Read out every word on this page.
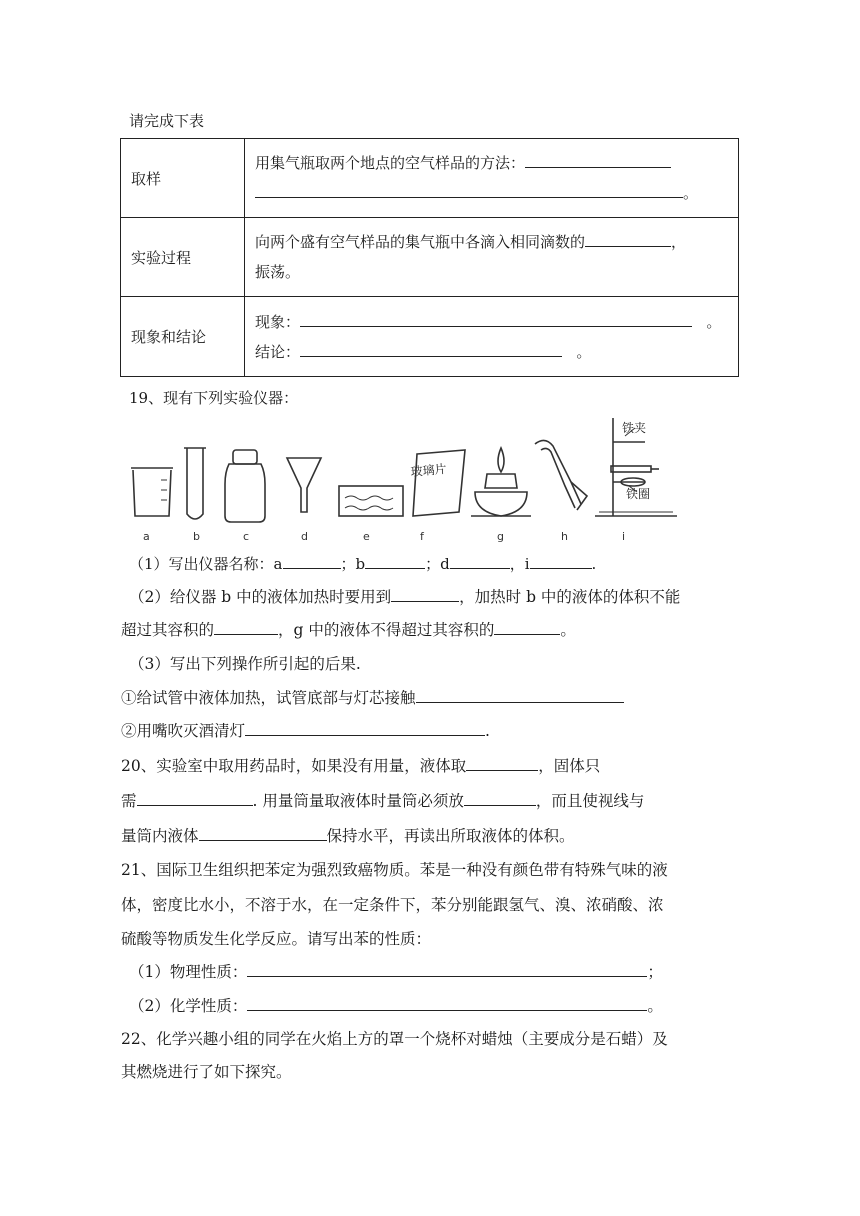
请完成下表
取样	用集气瓶取两个地点的空气样品的方法：
。

实验过程	向两个盛有空气样品的集气瓶中各滴入相同滴数的 ，
振荡。

现象和结论	现象： 。
结论： 。
19、现有下列实验仪器：
铁夹
玻璃片
铁圈
a	b	c	d	e	f	g	h	i
（1）写出仪器名称：a	；b	；d	，i	.
（2）给仪器 b 中的液体加热时要用到	，加热时 b 中的液体的体积不能
超过其容积的	，g 中的液体不得超过其容积的	。
（3）写出下列操作所引起的后果.
①给试管中液体加热，试管底部与灯芯接触
②用嘴吹灭酒清灯	.
20、实验室中取用药品时，如果没有用量，液体取	，固体只
需	. 用量筒量取液体时量筒必须放	，而且使视线与
量筒内液体	保持水平，再读出所取液体的体积。
21、国际卫生组织把苯定为强烈致癌物质。苯是一种没有颜色带有特殊气味的液
体，密度比水小，不溶于水，在一定条件下，苯分别能跟氢气、溴、浓硝酸、浓
硫酸等物质发生化学反应。请写出苯的性质：
（1）物理性质：	；
（2）化学性质：	。
22、化学兴趣小组的同学在火焰上方的罩一个烧杯对蜡烛（主要成分是石蜡）及
其燃烧进行了如下探究。
